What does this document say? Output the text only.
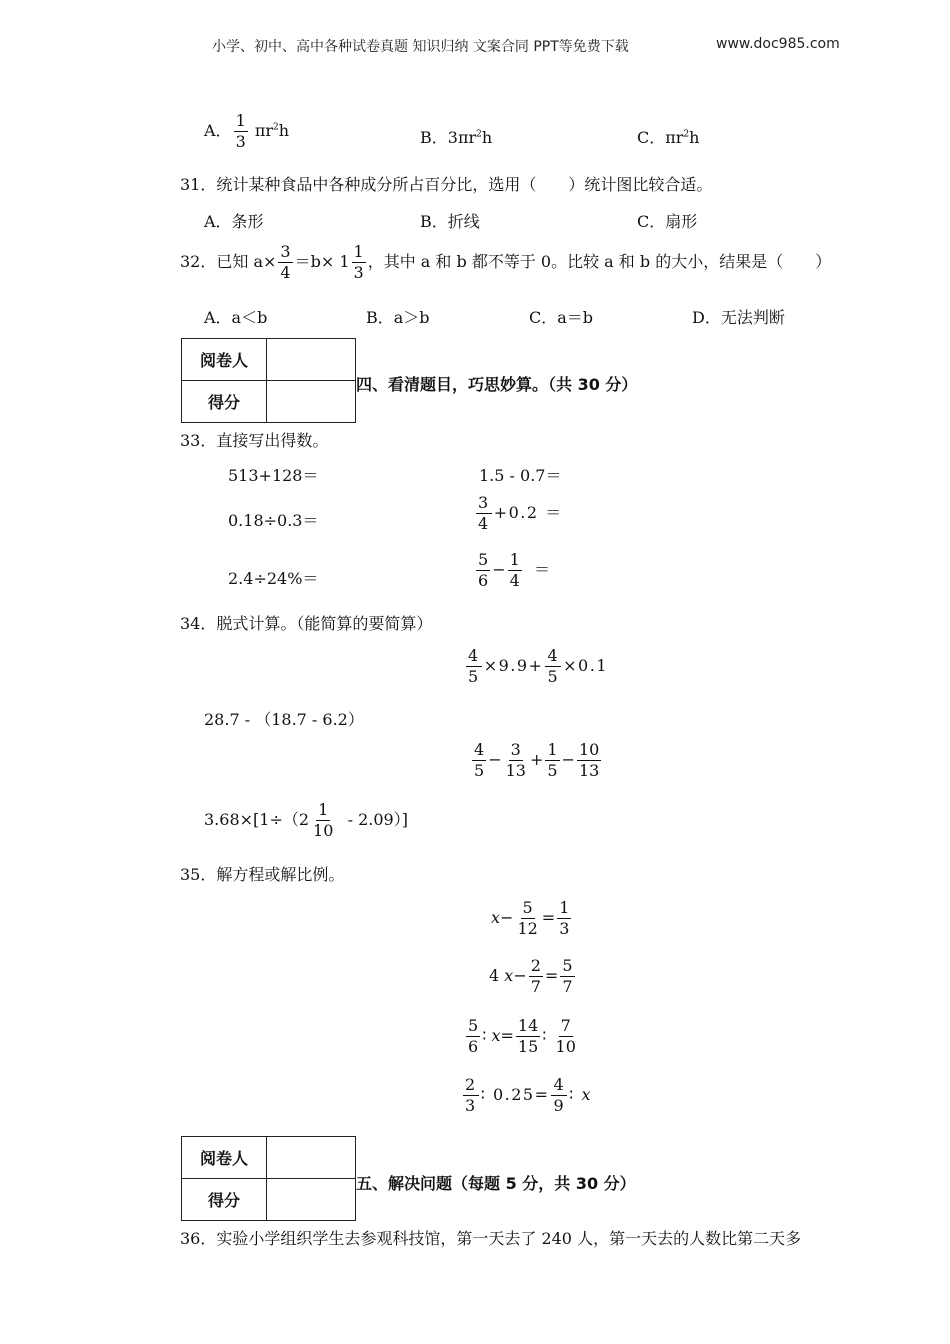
小学、初中、高中各种试卷真题 知识归纳 文案合同 PPT等免费下载	www.doc985.com
A． $\frac{1}{3} \pi r^2h$	B．$3\pi r^2h$	C．$\pi r^2h$
31．统计某种食品中各种成分所占百分比，选用（　　）统计图比较合适。
A．条形	B．折线	C．扇形
32．已知 $a\times \frac{3}{4} =b\times 1 \frac{1}{3}$ ，其中 a 和 b 都不等于 0。比较 a 和 b 的大小，结果是（　　）
A．a＜b	B．a＞b	C．a＝b	D．无法判断
阅卷人	
得分	
四、看清题目，巧思妙算。（共 30 分）
33．直接写出得数。
513+128＝
0.18÷0.3＝
2.4÷24%＝
1.5 - 0.7＝
$\frac{3}{4} +0.2$ ＝
$\frac{5}{6} - \frac{1}{4}$ ＝
34．脱式计算。（能简算的要简算）
$\frac{4}{5} \times 9.9+ \frac{4}{5} \times 0.1$
28.7 - （18.7 - 6.2）
$\frac{4}{5} - \frac{3}{13} + \frac{1}{5} - \frac{10}{13}$
$3.68\times[1\div(2 \frac{1}{10} - 2.09)]$
35．解方程或解比例。
$x- \frac{5}{12} = \frac{1}{3}$
4 $x- \frac{2}{7} = \frac{5}{7}$
$\frac{5}{6}$ ∶ $x= \frac{14}{15}$ ∶ $\frac{7}{10}$
$\frac{2}{3}$ ∶ $0.25= \frac{4}{9}$ ∶ x
阅卷人	
得分	
五、解决问题（每题 5 分，共 30 分）
36．实验小学组织学生去参观科技馆，第一天去了 240 人，第一天去的人数比第二天多
